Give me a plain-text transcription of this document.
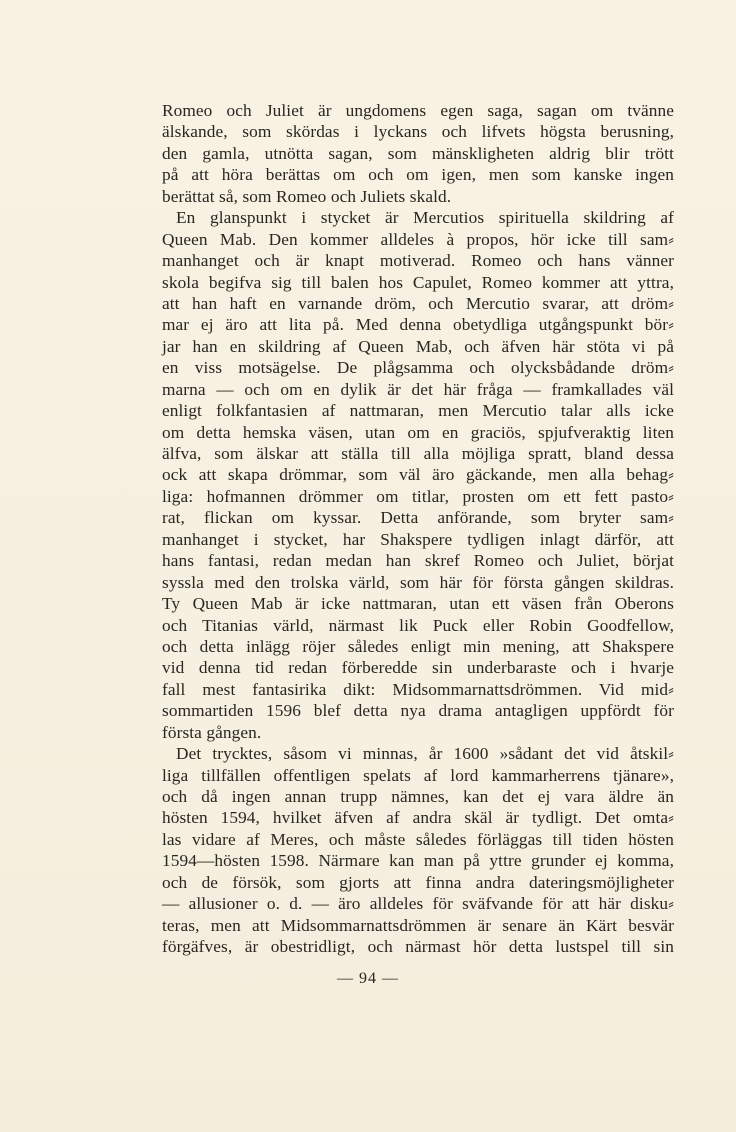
Romeo och Juliet är ungdomens egen saga, sagan om tvänne
älskande, som skördas i lyckans och lifvets högsta berusning,
den gamla, utnötta sagan, som mänskligheten aldrig blir trött
på att höra berättas om och om igen, men som kanske ingen
berättat så, som Romeo och Juliets skald.
En glanspunkt i stycket är Mercutios spirituella skildring af
Queen Mab. Den kommer alldeles à propos, hör icke till sam⸗
manhanget och är knapt motiverad. Romeo och hans vänner
skola begifva sig till balen hos Capulet, Romeo kommer att yttra,
att han haft en varnande dröm, och Mercutio svarar, att dröm⸗
mar ej äro att lita på. Med denna obetydliga utgångspunkt bör⸗
jar han en skildring af Queen Mab, och äfven här stöta vi på
en viss motsägelse. De plågsamma och olycksbådande dröm⸗
marna — och om en dylik är det här fråga — framkallades väl
enligt folkfantasien af nattmaran, men Mercutio talar alls icke
om detta hemska väsen, utan om en graciös, spjufveraktig liten
älfva, som älskar att ställa till alla möjliga spratt, bland dessa
ock att skapa drömmar, som väl äro gäckande, men alla behag⸗
liga: hofmannen drömmer om titlar, prosten om ett fett pasto⸗
rat, flickan om kyssar. Detta anförande, som bryter sam⸗
manhanget i stycket, har Shakspere tydligen inlagt därför, att
hans fantasi, redan medan han skref Romeo och Juliet, börjat
syssla med den trolska värld, som här för första gången skildras.
Ty Queen Mab är icke nattmaran, utan ett väsen från Oberons
och Titanias värld, närmast lik Puck eller Robin Goodfellow,
och detta inlägg röjer således enligt min mening, att Shakspere
vid denna tid redan förberedde sin underbaraste och i hvarje
fall mest fantasirika dikt: Midsommarnattsdrömmen. Vid mid⸗
sommartiden 1596 blef detta nya drama antagligen uppfördt för
första gången.
Det trycktes, såsom vi minnas, år 1600 »sådant det vid åtskil⸗
liga tillfällen offentligen spelats af lord kammarherrens tjänare»,
och då ingen annan trupp nämnes, kan det ej vara äldre än
hösten 1594, hvilket äfven af andra skäl är tydligt. Det omta⸗
las vidare af Meres, och måste således förläggas till tiden hösten
1594—hösten 1598. Närmare kan man på yttre grunder ej komma,
och de försök, som gjorts att finna andra dateringsmöjligheter
— allusioner o. d. — äro alldeles för sväfvande för att här disku⸗
teras, men att Midsommarnattsdrömmen är senare än Kärt besvär
förgäfves, är obestridligt, och närmast hör detta lustspel till sin
— 94 —
